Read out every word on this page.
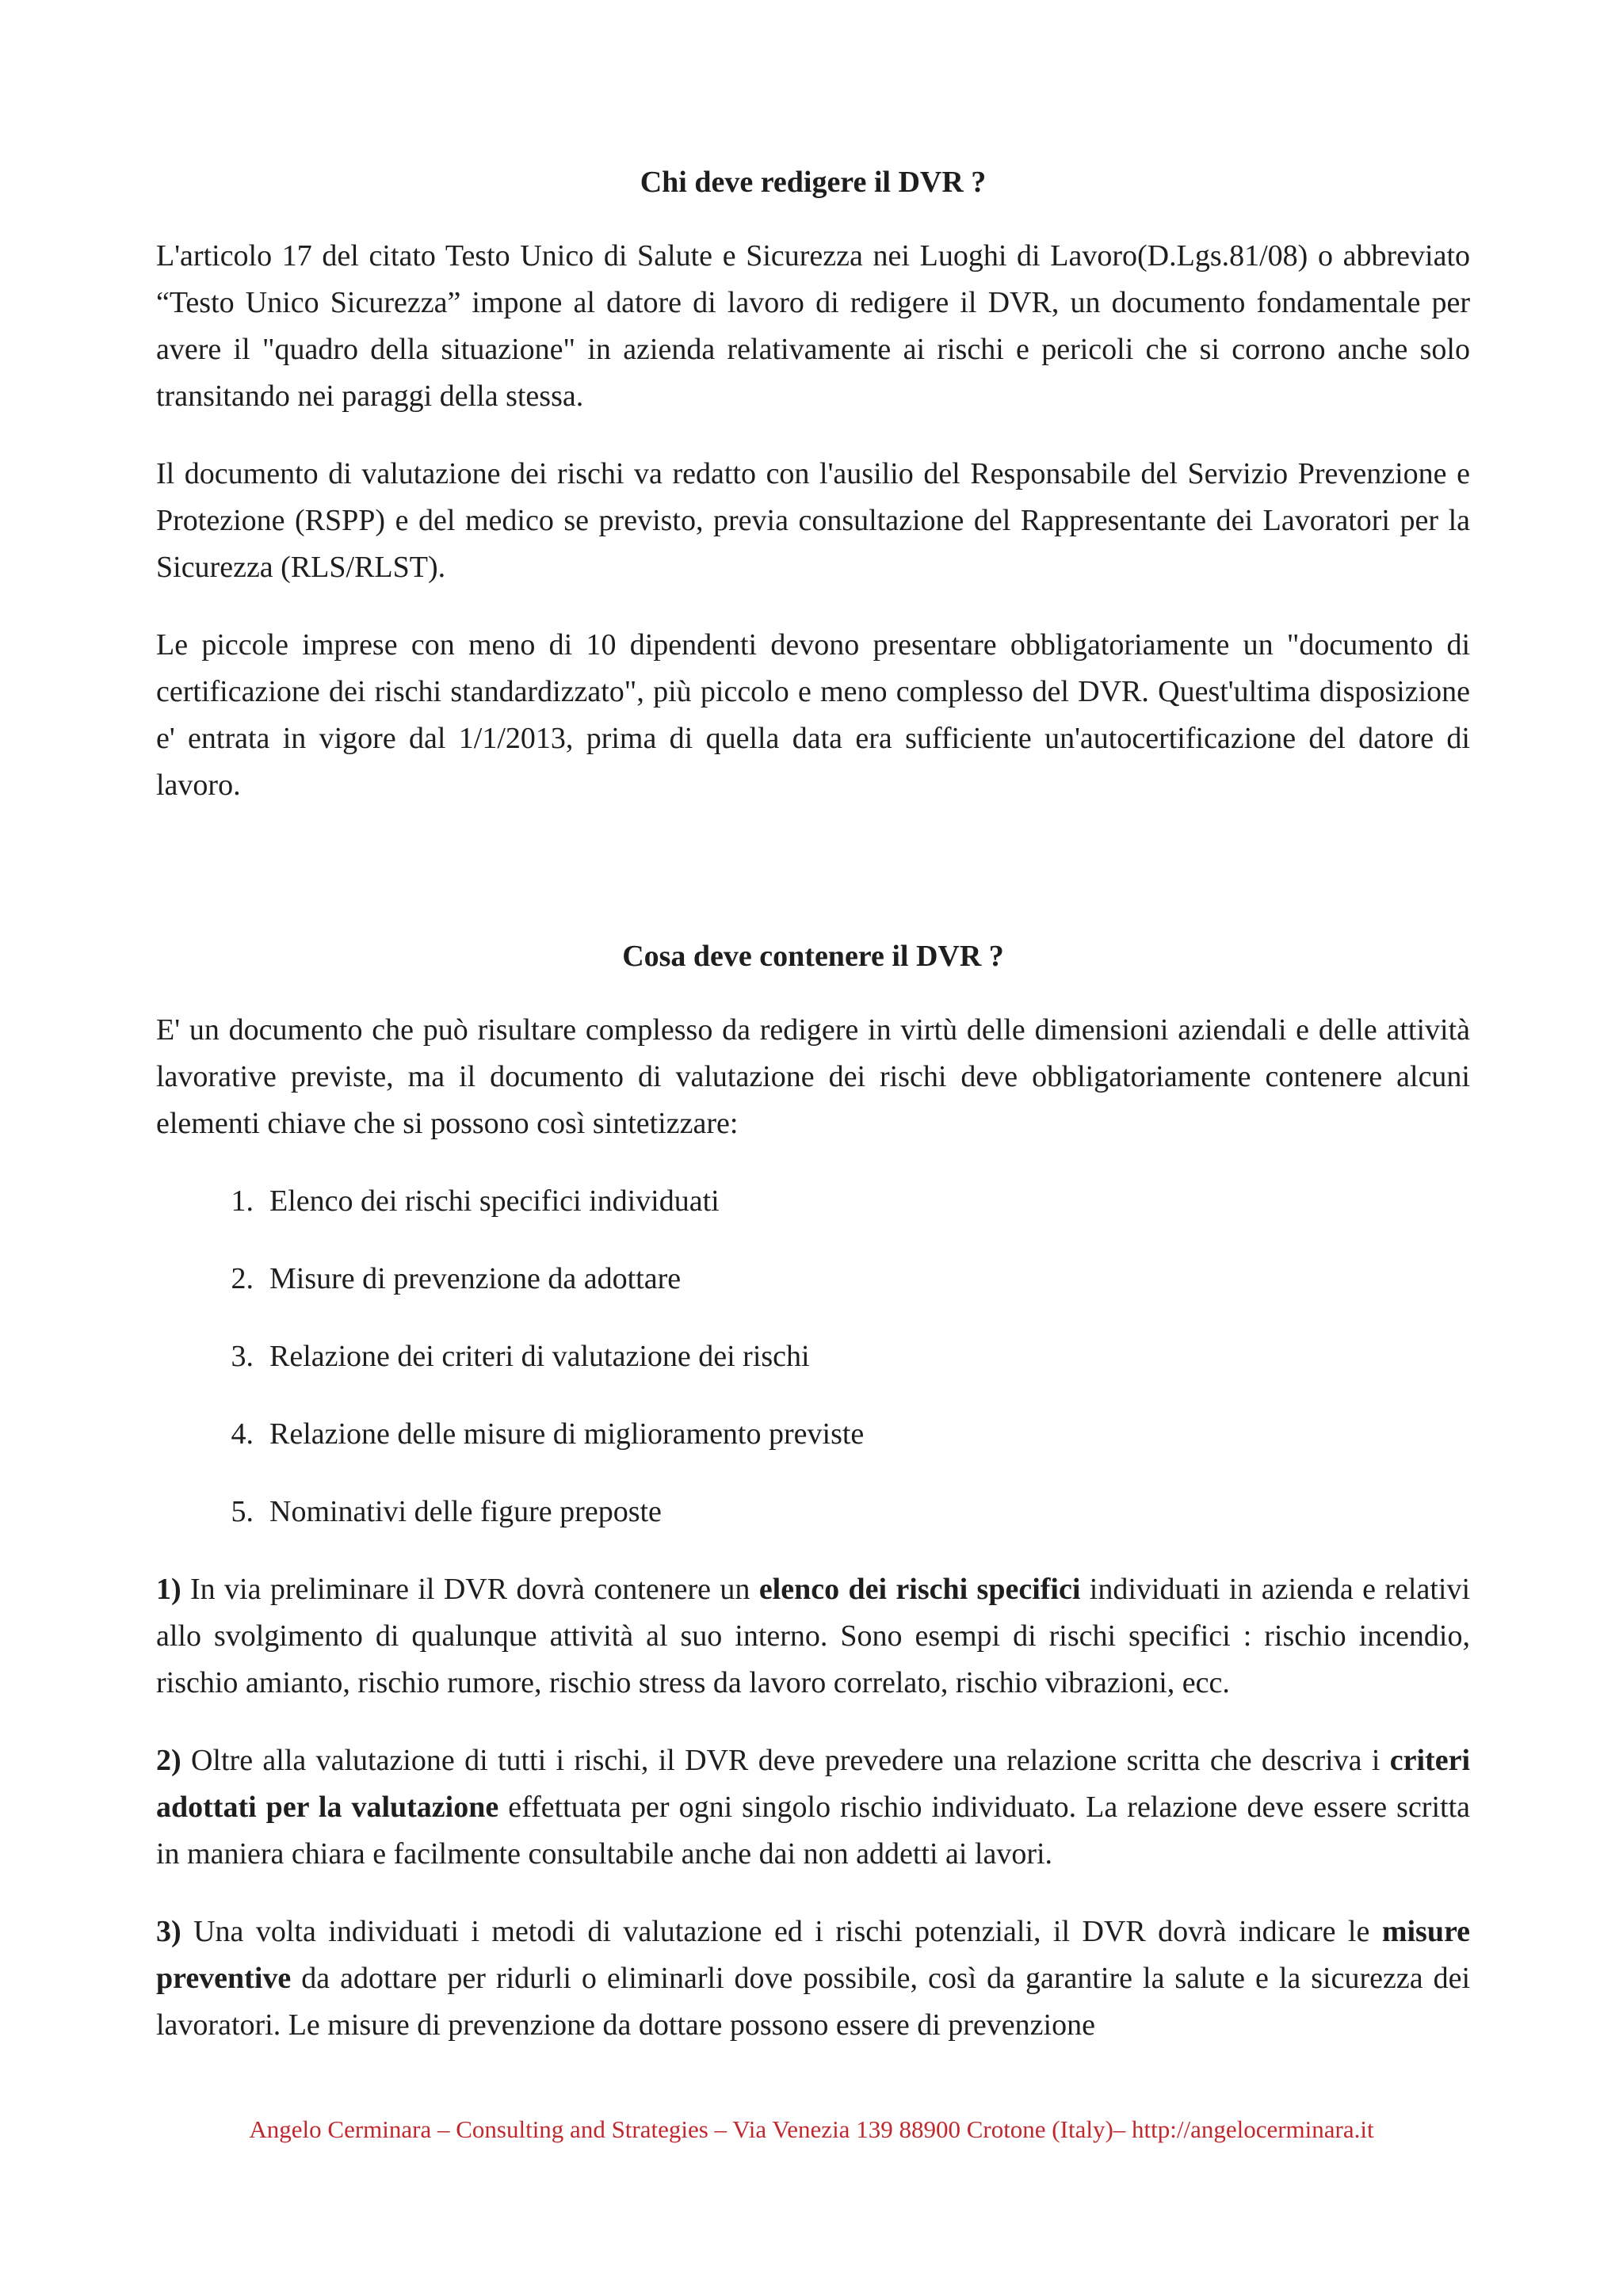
Chi deve redigere il DVR ?

L'articolo 17 del citato Testo Unico di Salute e Sicurezza nei Luoghi di Lavoro(D.Lgs.81/08) o abbreviato “Testo Unico Sicurezza” impone al datore di lavoro di redigere il DVR, un documento fondamentale per avere il "quadro della situazione" in azienda relativamente ai rischi e pericoli che si corrono anche solo transitando nei paraggi della stessa.

Il documento di valutazione dei rischi va redatto con l'ausilio del Responsabile del Servizio Prevenzione e Protezione (RSPP) e del medico se previsto, previa consultazione del Rappresentante dei Lavoratori per la Sicurezza (RLS/RLST).

Le piccole imprese con meno di 10 dipendenti devono presentare obbligatoriamente un "documento di certificazione dei rischi standardizzato", più piccolo e meno complesso del DVR. Quest'ultima disposizione e' entrata in vigore dal 1/1/2013, prima di quella data era sufficiente un'autocertificazione del datore di lavoro.

Cosa deve contenere il DVR ?

E' un documento che può risultare complesso da redigere in virtù delle dimensioni aziendali e delle attività lavorative previste, ma il documento di valutazione dei rischi deve obbligatoriamente contenere alcuni elementi chiave che si possono così sintetizzare:

1. Elenco dei rischi specifici individuati
2. Misure di prevenzione da adottare
3. Relazione dei criteri di valutazione dei rischi
4. Relazione delle misure di miglioramento previste
5. Nominativi delle figure preposte

1) In via preliminare il DVR dovrà contenere un elenco dei rischi specifici individuati in azienda e relativi allo svolgimento di qualunque attività al suo interno. Sono esempi di rischi specifici : rischio incendio, rischio amianto, rischio rumore, rischio stress da lavoro correlato, rischio vibrazioni, ecc.

2) Oltre alla valutazione di tutti i rischi, il DVR deve prevedere una relazione scritta che descriva i criteri adottati per la valutazione effettuata per ogni singolo rischio individuato. La relazione deve essere scritta in maniera chiara e facilmente consultabile anche dai non addetti ai lavori.

3) Una volta individuati i metodi di valutazione ed i rischi potenziali, il DVR dovrà indicare le misure preventive da adottare per ridurli o eliminarli dove possibile, così da garantire la salute e la sicurezza dei lavoratori. Le misure di prevenzione da dottare possono essere di prevenzione

Angelo Cerminara – Consulting and Strategies – Via Venezia 139 88900 Crotone (Italy)– http://angelocerminara.it
